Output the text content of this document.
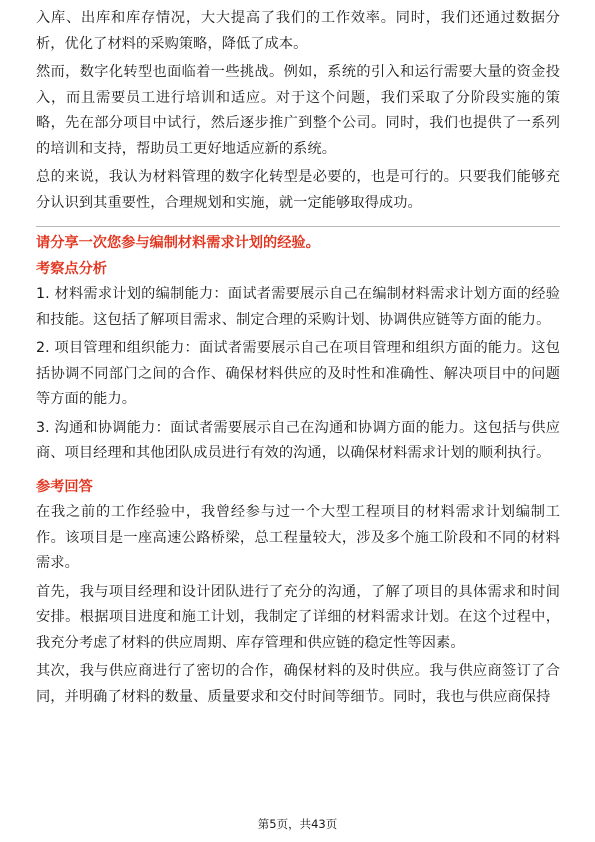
入库、出库和库存情况，大大提高了我们的工作效率。同时，我们还通过数据分析，优化了材料的采购策略，降低了成本。

然而，数字化转型也面临着一些挑战。例如，系统的引入和运行需要大量的资金投入，而且需要员工进行培训和适应。对于这个问题，我们采取了分阶段实施的策略，先在部分项目中试行，然后逐步推广到整个公司。同时，我们也提供了一系列的培训和支持，帮助员工更好地适应新的系统。

总的来说，我认为材料管理的数字化转型是必要的，也是可行的。只要我们能够充分认识到其重要性，合理规划和实施，就一定能够取得成功。

请分享一次您参与编制材料需求计划的经验。

考察点分析

1. 材料需求计划的编制能力：面试者需要展示自己在编制材料需求计划方面的经验和技能。这包括了解项目需求、制定合理的采购计划、协调供应链等方面的能力。

2. 项目管理和组织能力：面试者需要展示自己在项目管理和组织方面的能力。这包括协调不同部门之间的合作、确保材料供应的及时性和准确性、解决项目中的问题等方面的能力。

3. 沟通和协调能力：面试者需要展示自己在沟通和协调方面的能力。这包括与供应商、项目经理和其他团队成员进行有效的沟通，以确保材料需求计划的顺利执行。

参考回答

在我之前的工作经验中，我曾经参与过一个大型工程项目的材料需求计划编制工作。该项目是一座高速公路桥梁，总工程量较大，涉及多个施工阶段和不同的材料需求。

首先，我与项目经理和设计团队进行了充分的沟通，了解了项目的具体需求和时间安排。根据项目进度和施工计划，我制定了详细的材料需求计划。在这个过程中，我充分考虑了材料的供应周期、库存管理和供应链的稳定性等因素。

其次，我与供应商进行了密切的合作，确保材料的及时供应。我与供应商签订了合同，并明确了材料的数量、质量要求和交付时间等细节。同时，我也与供应商保持

第5页，共43页
